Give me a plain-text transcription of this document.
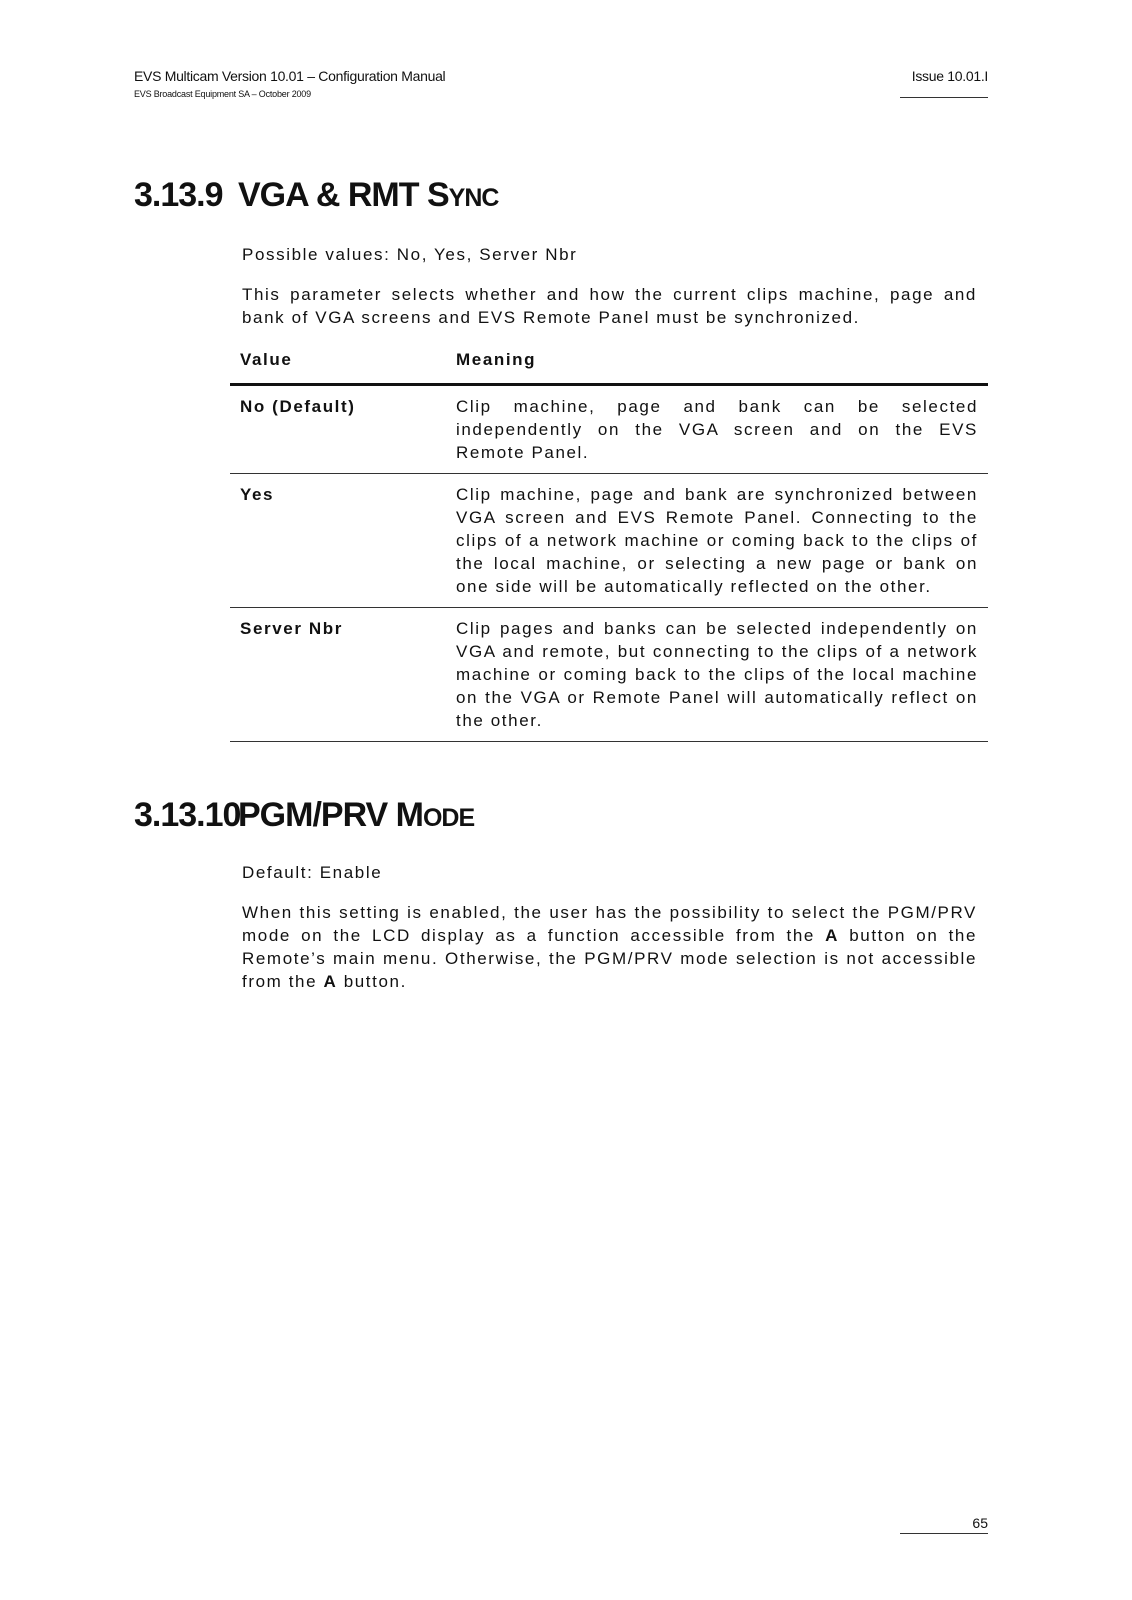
EVS Multicam Version 10.01 – Configuration Manual
EVS Broadcast Equipment SA – October 2009
Issue 10.01.I
3.13.9 VGA & RMT SYNC
Possible values: No, Yes, Server Nbr
This parameter selects whether and how the current clips machine, page and bank of VGA screens and EVS Remote Panel must be synchronized.
Value	Meaning
No (Default)	Clip machine, page and bank can be selected independently on the VGA screen and on the EVS Remote Panel.
Yes	Clip machine, page and bank are synchronized between VGA screen and EVS Remote Panel. Connecting to the clips of a network machine or coming back to the clips of the local machine, or selecting a new page or bank on one side will be automatically reflected on the other.
Server Nbr	Clip pages and banks can be selected independently on VGA and remote, but connecting to the clips of a network machine or coming back to the clips of the local machine on the VGA or Remote Panel will automatically reflect on the other.
3.13.10PGM/PRV MODE
Default: Enable
When this setting is enabled, the user has the possibility to select the PGM/PRV mode on the LCD display as a function accessible from the A button on the Remote’s main menu. Otherwise, the PGM/PRV mode selection is not accessible from the A button.
65
